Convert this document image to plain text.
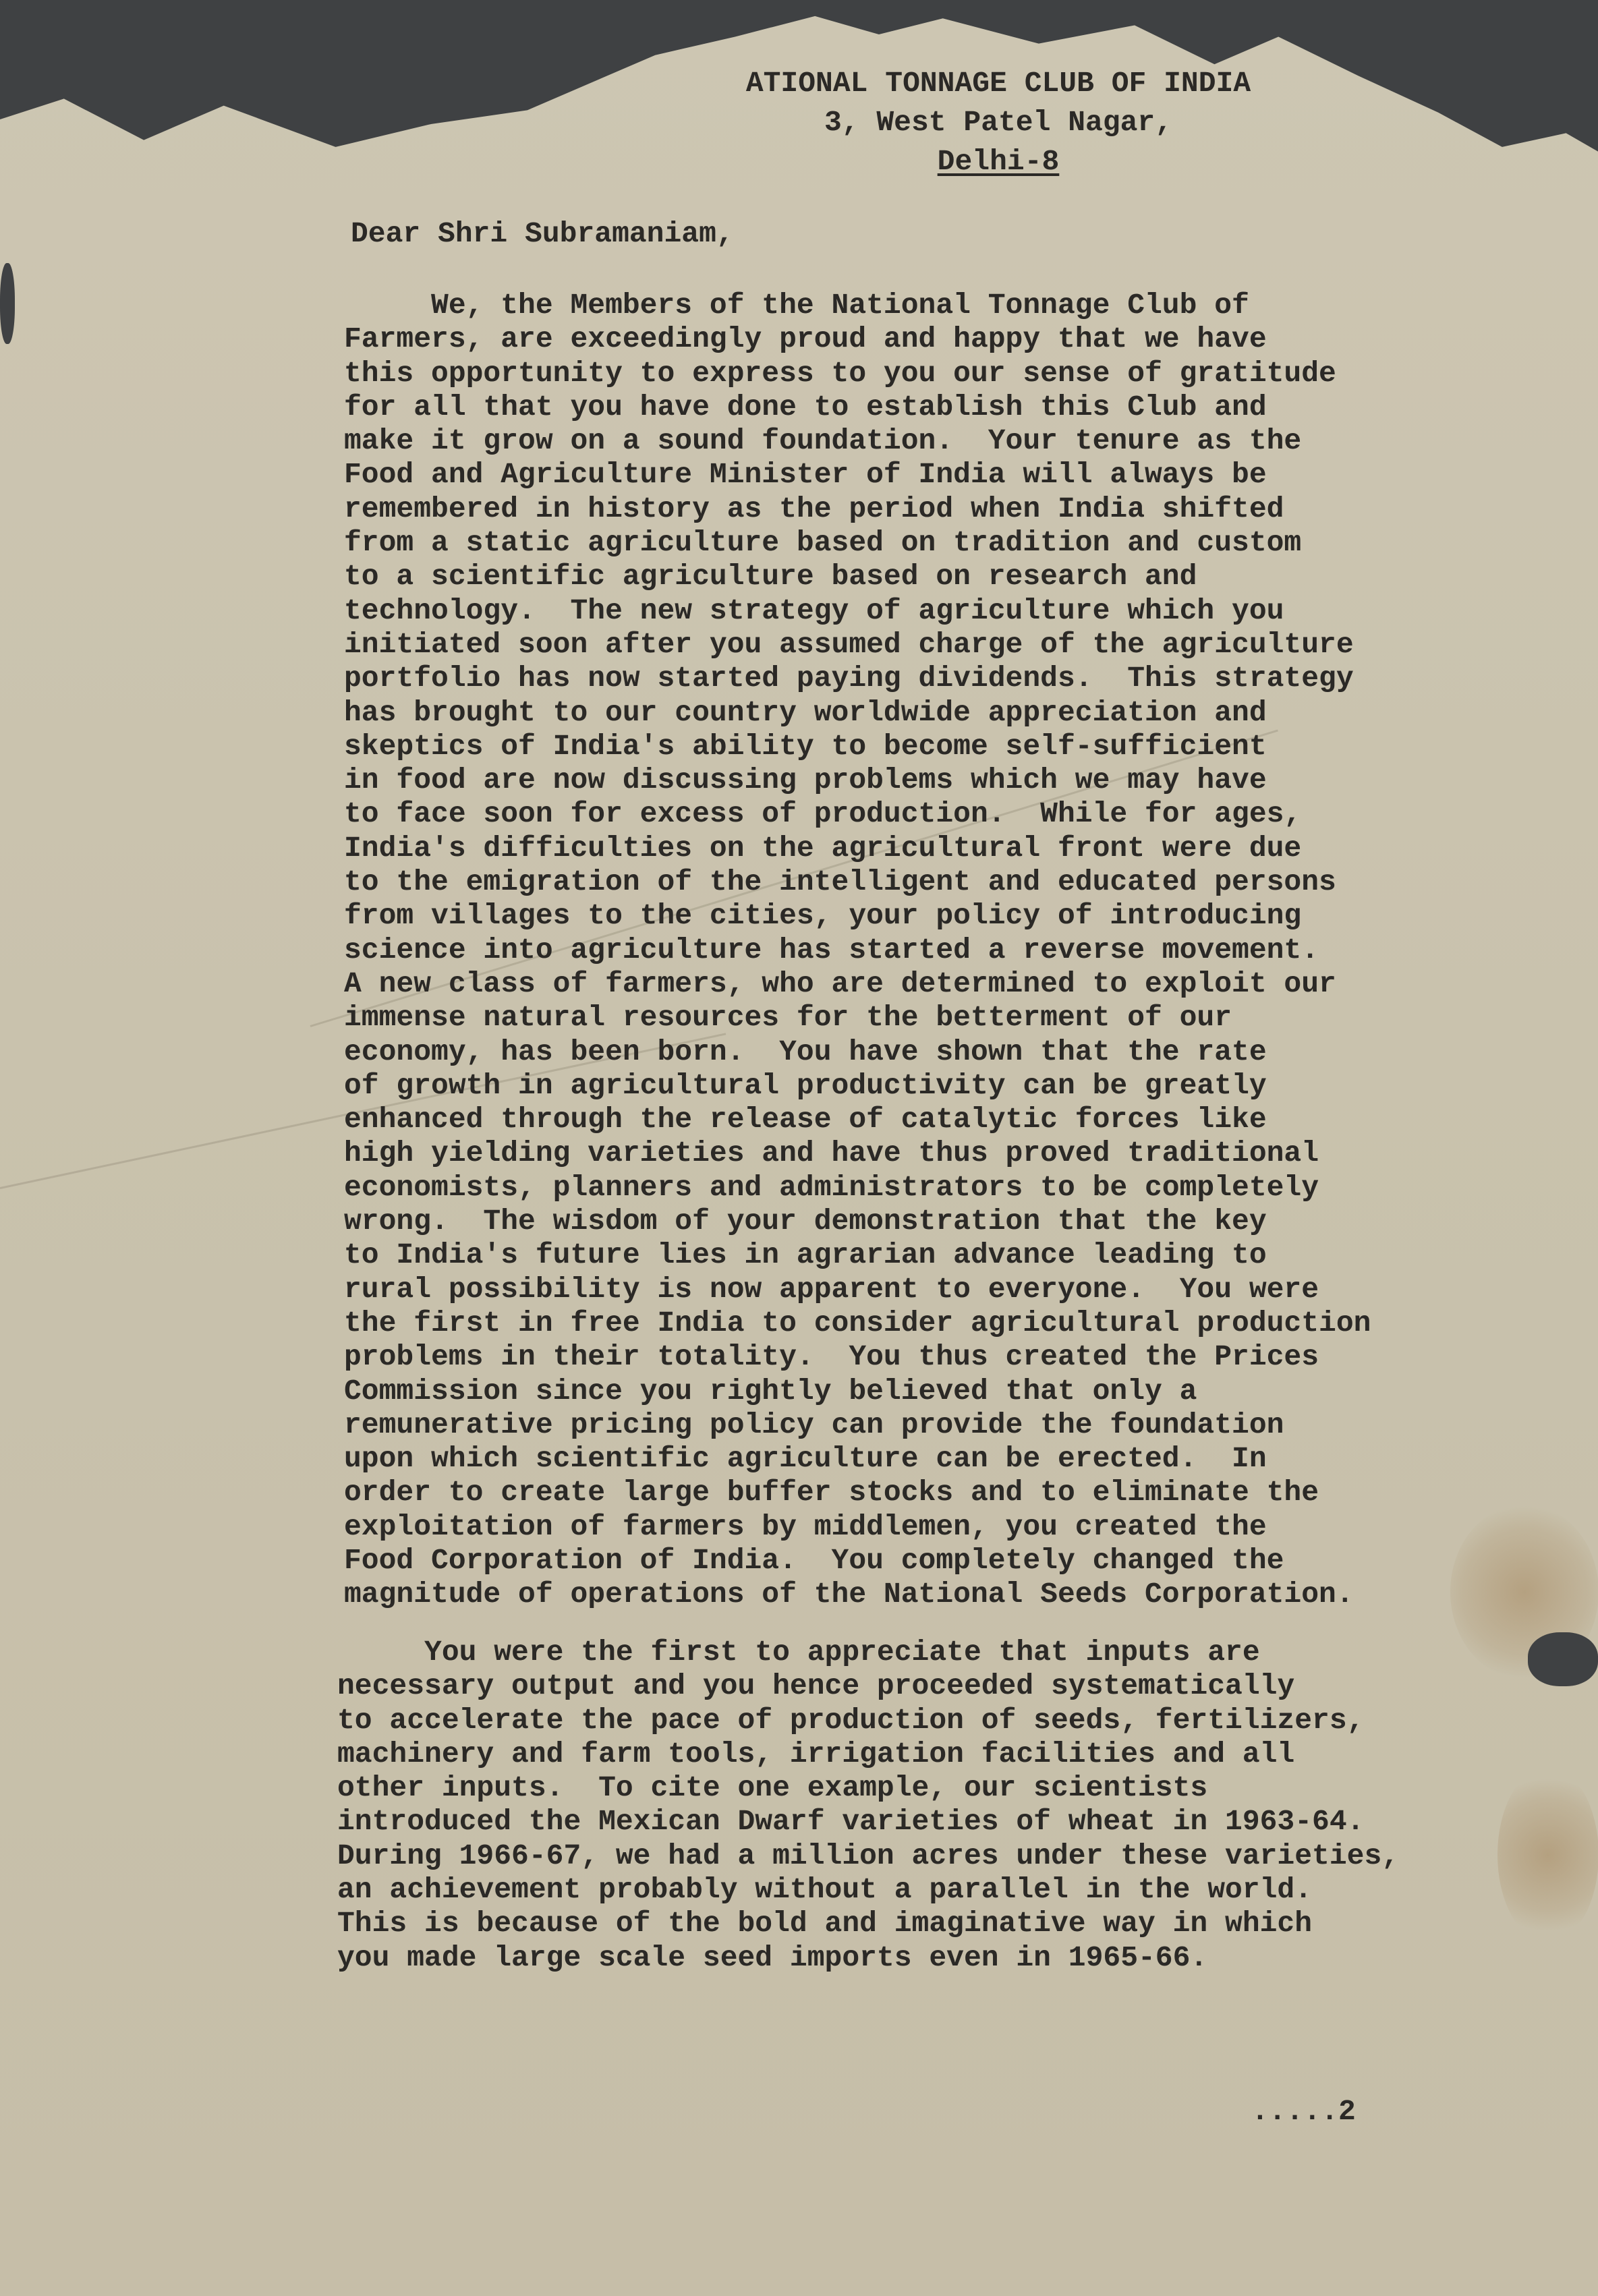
ATIONAL TONNAGE CLUB OF INDIA
3, West Patel Nagar,
Delhi-8
Dear Shri Subramaniam,
We, the Members of the National Tonnage Club of
Farmers, are exceedingly proud and happy that we have
this opportunity to express to you our sense of gratitude
for all that you have done to establish this Club and
make it grow on a sound foundation.  Your tenure as the
Food and Agriculture Minister of India will always be
remembered in history as the period when India shifted
from a static agriculture based on tradition and custom
to a scientific agriculture based on research and
technology.  The new strategy of agriculture which you
initiated soon after you assumed charge of the agriculture
portfolio has now started paying dividends.  This strategy
has brought to our country worldwide appreciation and
skeptics of India's ability to become self-sufficient
in food are now discussing problems which we may have
to face soon for excess of production.  While for ages,
India's difficulties on the agricultural front were due
to the emigration of the intelligent and educated persons
from villages to the cities, your policy of introducing
science into agriculture has started a reverse movement.
A new class of farmers, who are determined to exploit our
immense natural resources for the betterment of our
economy, has been born.  You have shown that the rate
of growth in agricultural productivity can be greatly
enhanced through the release of catalytic forces like
high yielding varieties and have thus proved traditional
economists, planners and administrators to be completely
wrong.  The wisdom of your demonstration that the key
to India's future lies in agrarian advance leading to
rural possibility is now apparent to everyone.  You were
the first in free India to consider agricultural production
problems in their totality.  You thus created the Prices
Commission since you rightly believed that only a
remunerative pricing policy can provide the foundation
upon which scientific agriculture can be erected.  In
order to create large buffer stocks and to eliminate the
exploitation of farmers by middlemen, you created the
Food Corporation of India.  You completely changed the
magnitude of operations of the National Seeds Corporation.
You were the first to appreciate that inputs are
necessary output and you hence proceeded systematically
to accelerate the pace of production of seeds, fertilizers,
machinery and farm tools, irrigation facilities and all
other inputs.  To cite one example, our scientists
introduced the Mexican Dwarf varieties of wheat in 1963-64.
During 1966-67, we had a million acres under these varieties,
an achievement probably without a parallel in the world.
This is because of the bold and imaginative way in which
you made large scale seed imports even in 1965-66.
.....2
